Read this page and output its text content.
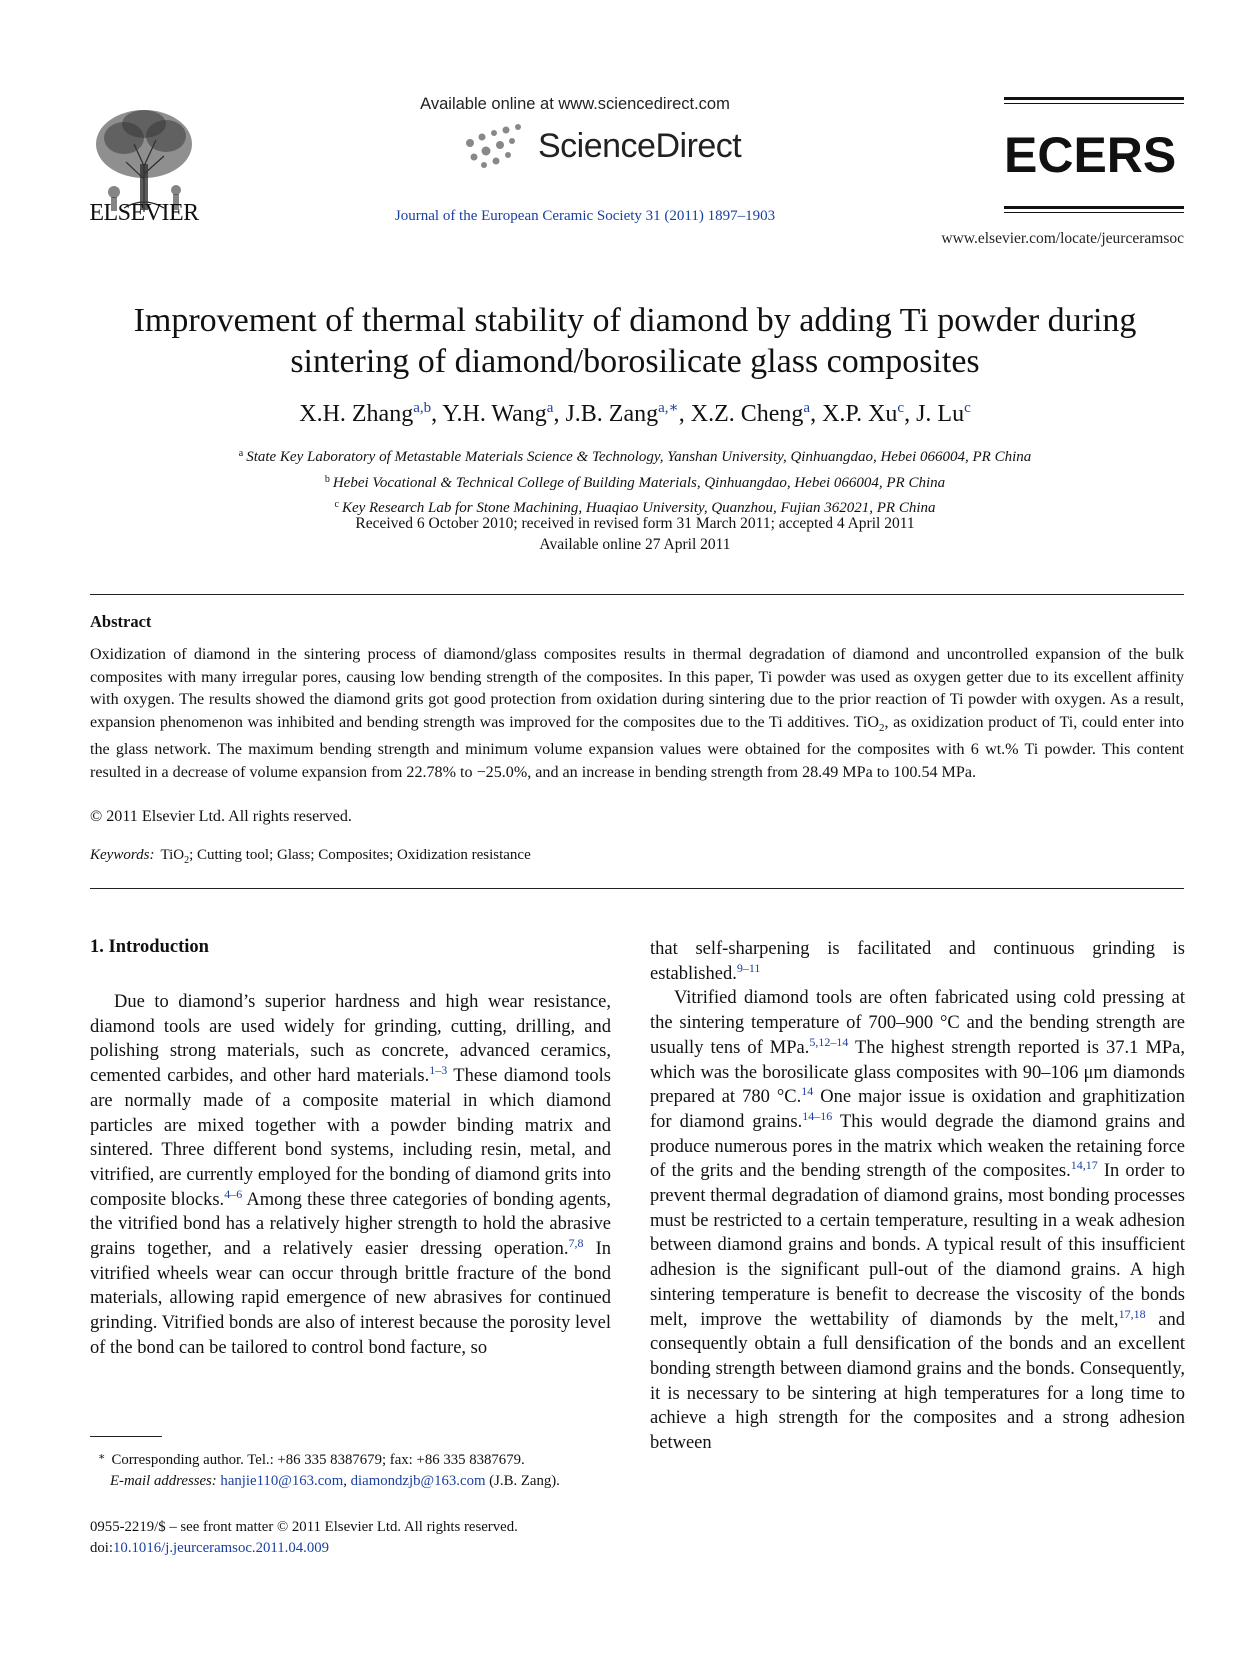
ELSEVIER
Available online at www.sciencedirect.com
ScienceDirect
Journal of the European Ceramic Society 31 (2011) 1897–1903
ECERS
www.elsevier.com/locate/jeurceramsoc
Improvement of thermal stability of diamond by adding Ti powder during
sintering of diamond/borosilicate glass composites
X.H. Zhang$^{a,b}$, Y.H. Wang$^a$, J.B. Zang$^{a,∗}$, X.Z. Cheng$^a$, X.P. Xu$^c$, J. Lu$^c$
$^a$ State Key Laboratory of Metastable Materials Science & Technology, Yanshan University, Qinhuangdao, Hebei 066004, PR China
$^b$ Hebei Vocational & Technical College of Building Materials, Qinhuangdao, Hebei 066004, PR China
$^c$ Key Research Lab for Stone Machining, Huaqiao University, Quanzhou, Fujian 362021, PR China
Received 6 October 2010; received in revised form 31 March 2011; accepted 4 April 2011
Available online 27 April 2011
Abstract
Oxidization of diamond in the sintering process of diamond/glass composites results in thermal degradation of diamond and uncontrolled expansion of the bulk composites with many irregular pores, causing low bending strength of the composites. In this paper, Ti powder was used as oxygen getter due to its excellent affinity with oxygen. The results showed the diamond grits got good protection from oxidation during sintering due to the prior reaction of Ti powder with oxygen. As a result, expansion phenomenon was inhibited and bending strength was improved for the composites due to the Ti additives. TiO$_2$, as oxidization product of Ti, could enter into the glass network. The maximum bending strength and minimum volume expansion values were obtained for the composites with 6 wt.% Ti powder. This content resulted in a decrease of volume expansion from 22.78% to −25.0%, and an increase in bending strength from 28.49 MPa to 100.54 MPa.
© 2011 Elsevier Ltd. All rights reserved.
Keywords: TiO$_2$; Cutting tool; Glass; Composites; Oxidization resistance
1. Introduction
Due to diamond’s superior hardness and high wear resistance, diamond tools are used widely for grinding, cutting, drilling, and polishing strong materials, such as concrete, advanced ceramics, cemented carbides, and other hard materials.$^{1-3}$ These diamond tools are normally made of a composite material in which diamond particles are mixed together with a powder binding matrix and sintered. Three different bond systems, including resin, metal, and vitrified, are currently employed for the bonding of diamond grits into composite blocks.$^{4-6}$ Among these three categories of bonding agents, the vitrified bond has a relatively higher strength to hold the abrasive grains together, and a relatively easier dressing operation.$^{7,8}$ In vitrified wheels wear can occur through brittle fracture of the bond materials, allowing rapid emergence of new abrasives for continued grinding. Vitrified bonds are also of interest because the porosity level of the bond can be tailored to control bond facture, so

that self-sharpening is facilitated and continuous grinding is established.$^{9-11}$

Vitrified diamond tools are often fabricated using cold pressing at the sintering temperature of 700–900 °C and the bending strength are usually tens of MPa.$^{5,12-14}$ The highest strength reported is 37.1 MPa, which was the borosilicate glass composites with 90–106 μm diamonds prepared at 780 °C.$^{14}$ One major issue is oxidation and graphitization for diamond grains.$^{14-16}$ This would degrade the diamond grains and produce numerous pores in the matrix which weaken the retaining force of the grits and the bending strength of the composites.$^{14,17}$ In order to prevent thermal degradation of diamond grains, most bonding processes must be restricted to a certain temperature, resulting in a weak adhesion between diamond grains and bonds. A typical result of this insufficient adhesion is the significant pull-out of the diamond grains. A high sintering temperature is benefit to decrease the viscosity of the bonds melt, improve the wettability of diamonds by the melt,$^{17,18}$ and consequently obtain a full densification of the bonds and an excellent bonding strength between diamond grains and the bonds. Consequently, it is necessary to be sintering at high temperatures for a long time to achieve a high strength for the composites and a strong adhesion between

∗ Corresponding author. Tel.: +86 335 8387679; fax: +86 335 8387679.
E-mail addresses: hanjie110@163.com, diamondzjb@163.com (J.B. Zang).
0955-2219/$ – see front matter © 2011 Elsevier Ltd. All rights reserved.
doi:10.1016/j.jeurceramsoc.2011.04.009
